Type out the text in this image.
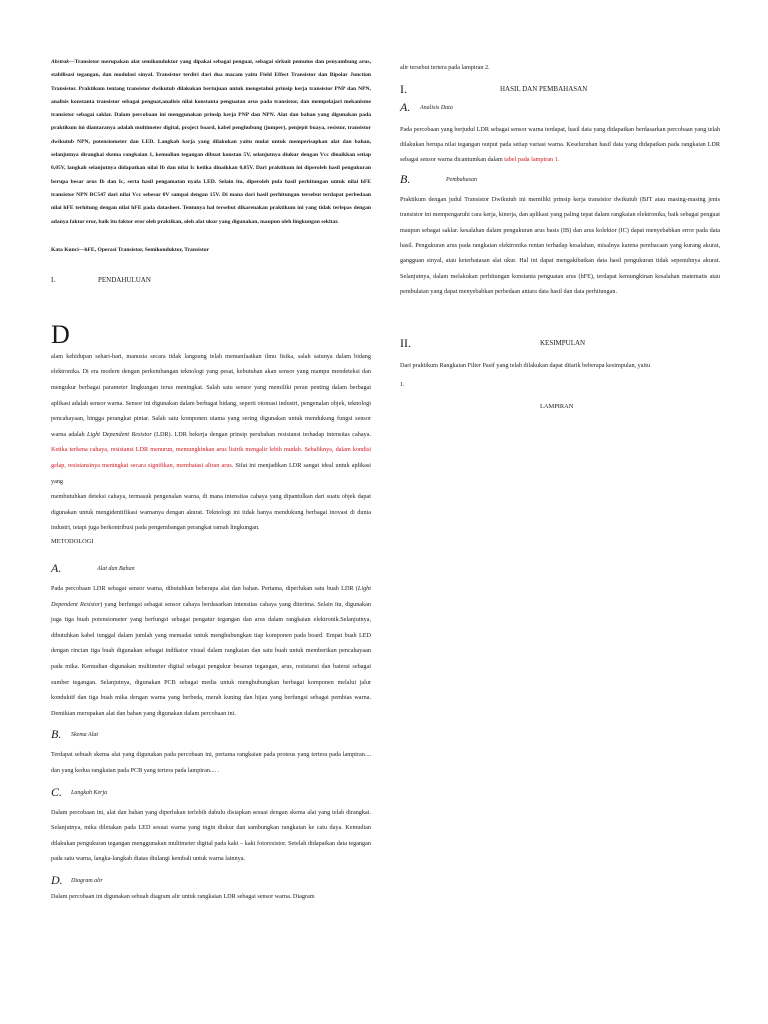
Abstrak—Transistor merupakan alat semikonduktor yang dipakai sebagai penguat, sebagai sirkuit pemutus dan penyambung arus, stabilisasi tegangan, dan modulasi sinyal. Transistor terdiri dari dua macam yaitu Field Effect Transistor dan Bipolar Junction Transistor. Praktikum tentang transistor dwikutub dilakukan bertujuan untuk mengetahui prinsip kerja transistor PNP dan NPN, analisis konstanta transistor sebagai penguat,analisis nilai konstanta penguatan arus pada transistor, dan mempelajari mekanisme transistor sebagai saklar. Dalam percobaan ini menggunakan prinsip kerja PNP dan NPN. Alat dan bahan yang digunakan pada praktikum ini diantaranya adalah multimeter digital, project board, kabel penghubung (jumper), penjepit buaya, resistor, transistor dwikutub NPN, potensiometer dan LED. Langkah kerja yang dilakukan yaitu mulai untuk memperisapkan alat dan bahan, selanjutnya dirangkai skema rangkaian 1, kemudian tegangan dibuat konstan 5V, selanjutnya diukur dengan Vcc dinaikkan setiap 0,05V, langkah selanjutnya didapatkan nilai Ib dan nilai Ic ketika dinaikkan 0,05V. Dari praktikum ini diperoleh hasil pengukuran berupa besar arus Ib dan Ic, serta hasil pengamatan nyala LED. Selain itu, diperoleh pula hasil perhitungan untuk nilai hFE transistor NPN BC547 dari nilai Vcc sebesar 0V sampai dengan 15V. Di mana dari hasil perhitungan tersebut terdapat perbedaan nilai hFE terhitung dengan nilai hFE pada datasheet. Tentunya hal tersebut dikarenakan praktikum ini yang tidak terlepas dengan adanya faktor eror, baik itu faktor eror oleh praktikan, oleh alat ukur yang digunakan, maupun oleh lingkungan sekitar.

Kata Kunci—hFE, Operasi Transistor, Semikonduktor, Transistor

I.	PENDAHULUAN
D

alam kehidupan sehari-hari, manusia secara tidak langsung telah memanfaatkan ilmu fisika, salah satunya dalam bidang elektronika. Di era modern dengan perkembangan teknologi yang pesat, kebutuhan akan sensor yang mampu mendeteksi dan mengukur berbagai parameter lingkungan terus meningkat. Salah satu sensor yang memiliki peran penting dalam berbagai aplikasi adalah sensor warna. Sensor ini digunakan dalam berbagai bidang, seperti otomasi industri, pengenalan objek, teknologi pencahayaan, hingga perangkat pintar. Salah satu komponen utama yang sering digunakan untuk mendukung fungsi sensor warna adalah Light Dependent Resistor (LDR). LDR bekerja dengan prinsip perubahan resistansi terhadap intensitas cahaya. Ketika terkena cahaya, resistansi LDR menurun, memungkinkan arus listrik mengalir lebih mudah. Sebaliknya, dalam kondisi gelap, resistansinya meningkat secara signifikan, membatasi aliran arus. Sifat ini menjadikan LDR sangat ideal untuk aplikasi yang

membutuhkan deteksi cahaya, termasuk pengenalan warna, di mana intensitas cahaya yang dipantulkan dari suatu objek dapat digunakan untuk mengidentifikasi warnanya dengan akurat. Teknologi ini tidak hanya mendukung berbagai inovasi di dunia industri, tetapi juga berkontribusi pada pengembangan perangkat ramah lingkungan.

METODOLOGI

A.	Alat dan Bahan

Pada percobaan LDR sebagai sensor warna, dibutuhkan beberapa alat dan bahan. Pertama, diperlukan satu buah LDR (Light Dependent Resistor) yang berfungsi sebagai sensor cahaya berdasarkan intensitas cahaya yang diterima. Selain itu, digunakan juga tiga buah potensiometer yang berfungsi sebagai pengatur tegangan dan arus dalam rangkaian elektronik.Selanjutnya, dibutuhkan kabel tunggal dalam jumlah yang memadai untuk menghubungkan tiap komponen pada board. Empat buah LED dengan rincian tiga buah digunakan sebagai indikator visual dalam rangkaian dan satu buah untuk memberikan pencahayaan pada mika. Kemudian digunakan multimeter digital sebagai pengukur besaran tegangan, arus, resistansi dan baterai sebagai sumber tegangan. Selanjutnya, digunakan PCB sebagai media untuk menghubungkan berbagai komponen melalui jalur konduktif dan tiga buah mika dengan warna yang berbeda, merah kuning dan hijau yang berfungsi sebagai pembias warna. Demikian merupakan alat dan bahan yang digunakan dalam percobaan ini.

B. Skema Alat

Terdapat sebuah skema alat yang digunakan pada percobaan ini, pertama rangkaian pada proteus yang tertera pada lampiran.... dan yang kedua rangkaian pada PCB yang tertera pada lampiran.... .

C. Langkah Kerja

Dalam percobaan ini, alat dan bahan yang diperlukan terlebih dahulu disiapkan sesuai dengan skema alat yang telah dirangkai. Selanjutnya, mika diletakan pada LED sesuai warna yang ingin diukur dan sambungkan rangkaian ke catu daya. Kemudian dilakukan pengukuran tegangan menggunakan multimeter digital pada kaki – kaki fotoresistor. Setelah didapatkan data tegangan pada satu warna, langka-langkah diatas diulangi kembali untuk warna lainnya.

D. Diagram alir

Dalam percobaan ini digunakan sebuah diagram alir untuk rangkaian LDR sebagai sensor warna. Diagram

alir tersebut tertera pada lampiran 2.

I.	HASIL DAN PEMBAHASAN
A. Analisis Data

Pada percobaan yang berjudul LDR sebagai sensor warna terdapat, hasil data yang didapatkan berdasarkan percobaan yang telah dilakukan berupa nilai tegangan output pada setiap variasi warna. Keseluruhan hasil data yang didapatkan pada rangkaian LDR sebagai sensor warna dicantumkan dalam tabel pada lampiran 1.

B.	Pembahasan

Praktikum dengan judul Transistor Dwikutub ini memiliki prinsip kerja transistor dwikutub (BJT atau masing-masing jenis transistor ini mempengaruhi cara kerja, kinerja, dan aplikasi yang paling tepat dalam rangkaian elektronika, baik sebagai penguat maupun sebagai saklar. kesalahan dalam pengukuran arus basis (IB) dan arus kolektor (IC) dapat menyebabkan error pada data hasil. Pengukuran arus pada rangkaian elektronika rentan terhadap kesalahan, misalnya karena pembacaan yang kurang akurat, gangguan sinyal, atau keterbatasan alat ukur. Hal ini dapat mengakibatkan data hasil pengukuran tidak sepenuhnya akurat. Selanjutnya, dalam melakukan perhitungan konstanta penguatan arus (hFE), terdapat kemungkinan kesalahan matematis atau pembulatan yang dapat menyebabkan perbedaan antara data hasil dan data perhitungan.

II.	KESIMPULAN

Dari praktikum Rangkaian Filter Pasif yang telah dilakukan dapat ditarik beberapa kesimpulan, yaitu

1.

LAMPIRAN
